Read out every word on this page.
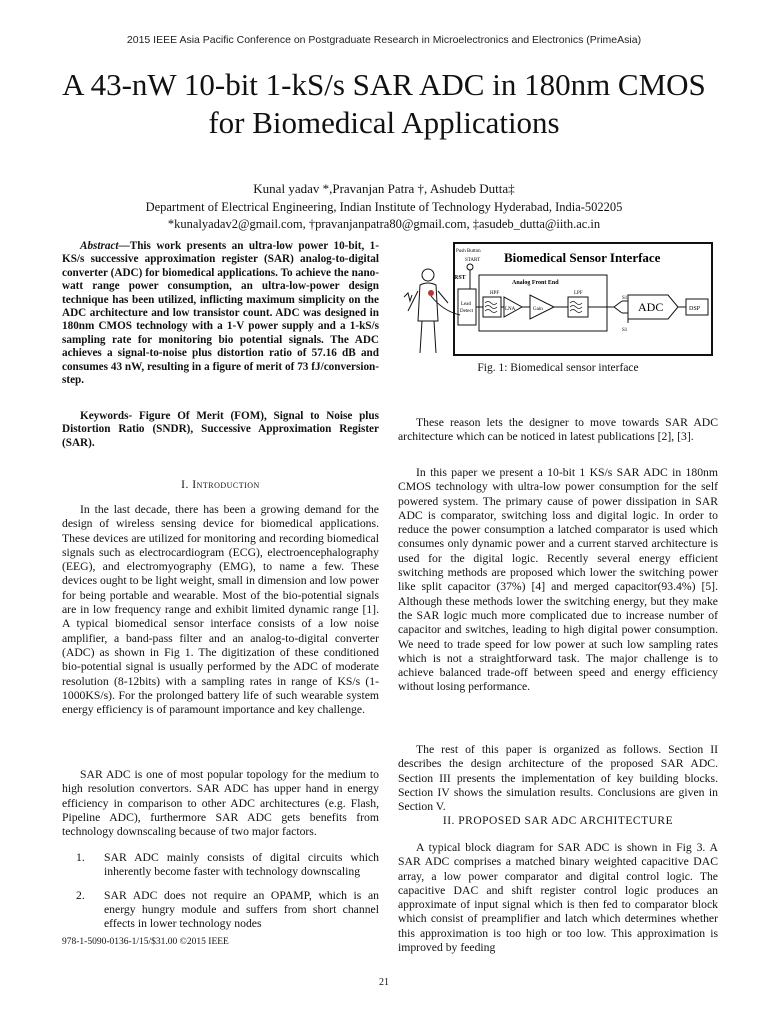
2015 IEEE Asia Pacific Conference on Postgraduate Research in Microelectronics and Electronics (PrimeAsia)
A 43-nW 10-bit 1-kS/s SAR ADC in 180nm CMOS
for Biomedical Applications
Kunal yadav *,Pravanjan Patra †, Ashudeb Dutta‡
Department of Electrical Engineering, Indian Institute of Technology Hyderabad, India-502205
*kunalyadav2@gmail.com, †pravanjanpatra80@gmail.com, ‡asudeb_dutta@iith.ac.in

Abstract—This work presents an ultra-low power 10-bit, 1-KS/s successive approximation register (SAR) analog-to-digital converter (ADC) for biomedical applications. To achieve the nano-watt range power consumption, an ultra-low-power design technique has been utilized, inflicting maximum simplicity on the ADC architecture and low transistor count. ADC was designed in 180nm CMOS technology with a 1-V power supply and a 1-kS/s sampling rate for monitoring bio potential signals. The ADC achieves a signal-to-noise plus distortion ratio of 57.16 dB and consumes 43 nW, resulting in a figure of merit of 73 fJ/conversion-step.

Keywords- Figure Of Merit (FOM), Signal to Noise plus Distortion Ratio (SNDR), Successive Approximation Register (SAR).

I. Introduction

In the last decade, there has been a growing demand for the design of wireless sensing device for biomedical applications. These devices are utilized for monitoring and recording biomedical signals such as electrocardiogram (ECG), electroencephalography (EEG), and electromyography (EMG), to name a few. These devices ought to be light weight, small in dimension and low power for being portable and wearable. Most of the bio-potential signals are in low frequency range and exhibit limited dynamic range [1]. A typical biomedical sensor interface consists of a low noise amplifier, a band-pass filter and an analog-to-digital converter (ADC) as shown in Fig 1. The digitization of these conditioned bio-potential signal is usually performed by the ADC of moderate resolution (8-12bits) with a sampling rates in range of KS/s (1-1000KS/s). For the prolonged battery life of such wearable system energy efficiency is of paramount importance and key challenge.

SAR ADC is one of most popular topology for the medium to high resolution convertors. SAR ADC has upper hand in energy efficiency in comparison to other ADC architectures (e.g. Flash, Pipeline ADC), furthermore SAR ADC gets benefits from technology downscaling because of two major factors.

1. SAR ADC mainly consists of digital circuits which inherently become faster with technology downscaling
2. SAR ADC does not require an OPAMP, which is an energy hungry module and suffers from short channel effects in lower technology nodes
978-1-5090-0136-1/15/$31.00 ©2015 IEEE
Biomedical Sensor Interface
Push Button
START
RST
Lead
Detect
Analog Front End
HPF	LPF
LNA	Gain
S1
S1
ADC	DSP
Fig. 1: Biomedical sensor interface

These reason lets the designer to move towards SAR ADC architecture which can be noticed in latest publications [2], [3].

In this paper we present a 10-bit 1 KS/s SAR ADC in 180nm CMOS technology with ultra-low power consumption for the self powered system. The primary cause of power dissipation in SAR ADC is comparator, switching loss and digital logic. In order to reduce the power consumption a latched comparator is used which consumes only dynamic power and a current starved architecture is used for the digital logic. Recently several energy efficient switching methods are proposed which lower the switching power like split capacitor (37%) [4] and merged capacitor(93.4%) [5]. Although these methods lower the switching energy, but they make the SAR logic much more complicated due to increase number of capacitor and switches, leading to high digital power consumption. We need to trade speed for low power at such low sampling rates which is not a straightforward task. The major challenge is to achieve balanced trade-off between speed and energy efficiency without losing performance.

The rest of this paper is organized as follows. Section II describes the design architecture of the proposed SAR ADC. Section III presents the implementation of key building blocks. Section IV shows the simulation results. Conclusions are given in Section V.

II. PROPOSED SAR ADC ARCHITECTURE

A typical block diagram for SAR ADC is shown in Fig 3. A SAR ADC comprises a matched binary weighted capacitive DAC array, a low power comparator and digital control logic. The capacitive DAC and shift register control logic produces an approximate of input signal which is then fed to comparator block which consist of preamplifier and latch which determines whether this approximation is too high or too low. This approximation is improved by feeding

21
